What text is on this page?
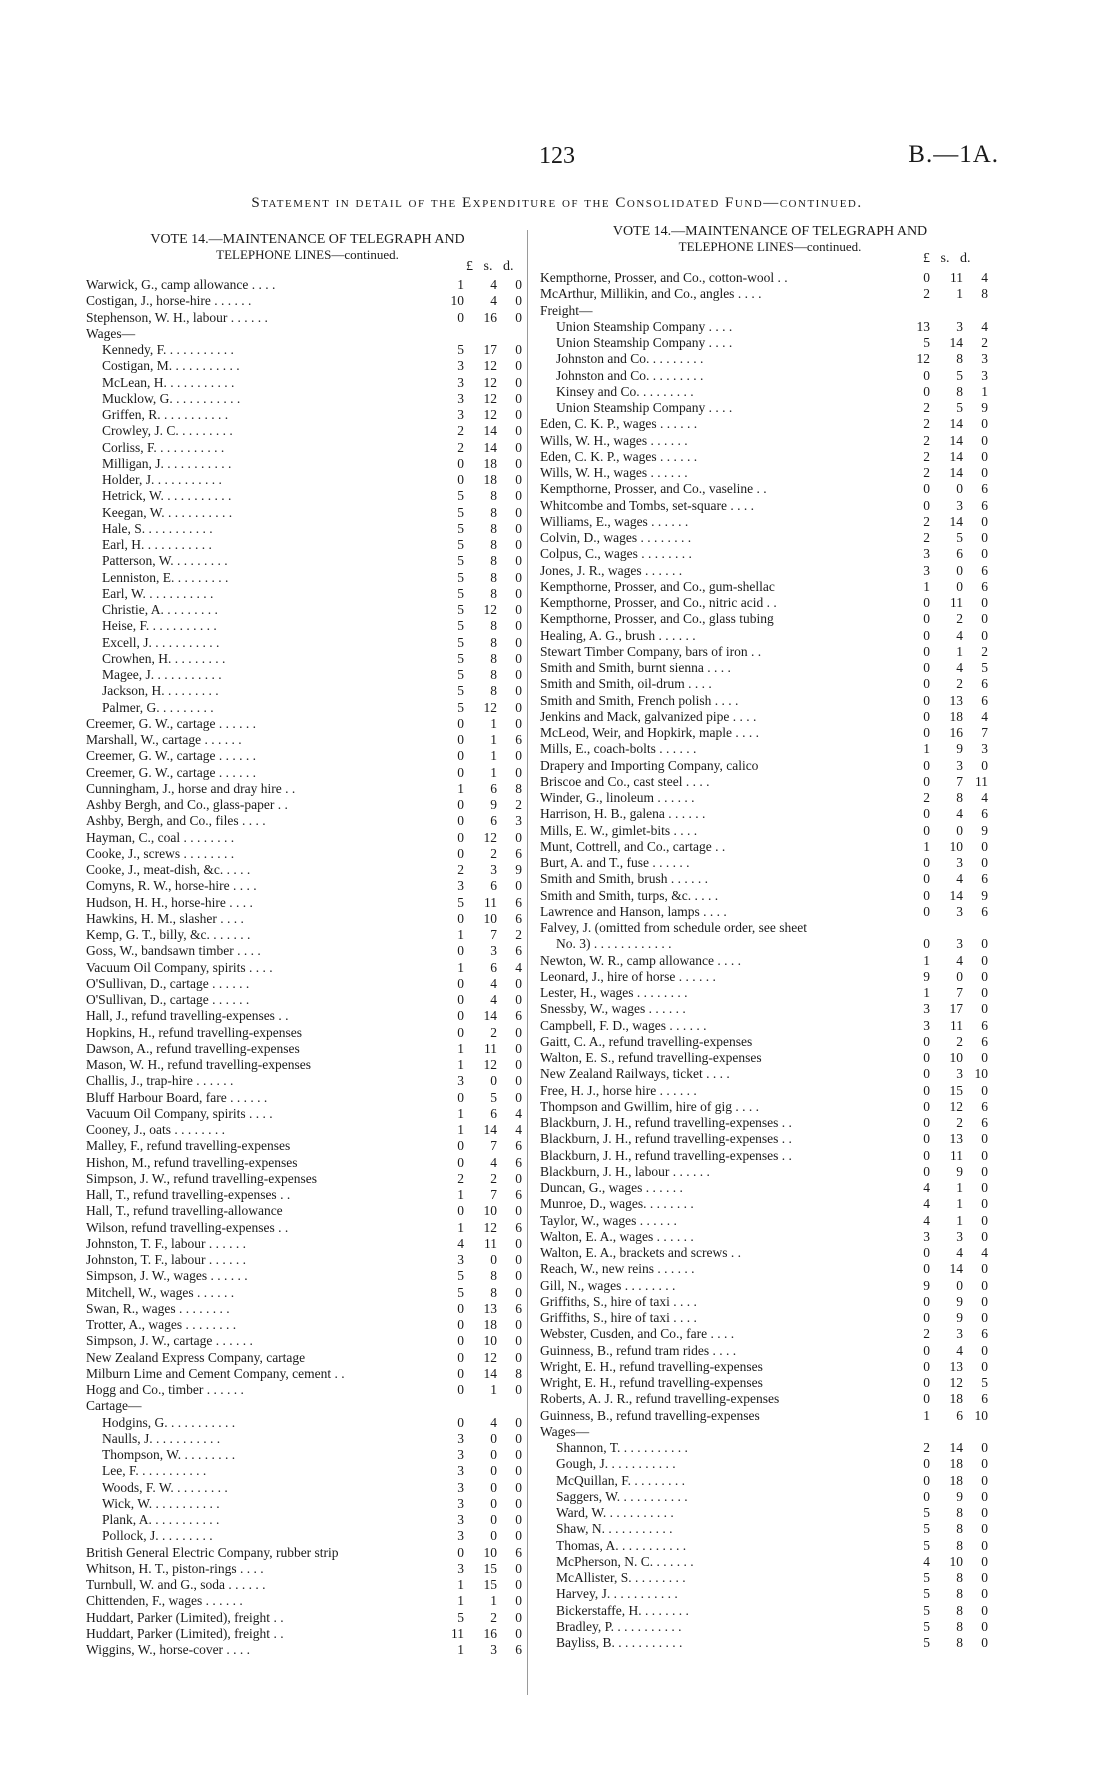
123	B.—1A.
Statement in detail of the Expenditure of the Consolidated Fund—continued.
VOTE 14.—MAINTENANCE OF TELEGRAPH AND
TELEPHONE LINES—continued.
VOTE 14.—MAINTENANCE OF TELEGRAPH AND
TELEPHONE LINES—continued.
£   s.   d.
£   s.   d.
Warwick, G., camp allowance . . . .	1	4	0
Costigan, J., horse-hire . . . . . .	10	4	0
Stephenson, W. H., labour . . . . . .	0	16	0
Wages—
Kennedy, F. . . . . . . . . . .	5	17	0
Costigan, M. . . . . . . . . . .	3	12	0
McLean, H. . . . . . . . . . .	3	12	0
Mucklow, G. . . . . . . . . . .	3	12	0
Griffen, R. . . . . . . . . . .	3	12	0
Crowley, J. C. . . . . . . . .	2	14	0
Corliss, F. . . . . . . . . . .	2	14	0
Milligan, J. . . . . . . . . . .	0	18	0
Holder, J. . . . . . . . . . .	0	18	0
Hetrick, W. . . . . . . . . . .	5	8	0
Keegan, W. . . . . . . . . . .	5	8	0
Hale, S. . . . . . . . . . .	5	8	0
Earl, H. . . . . . . . . . .	5	8	0
Patterson, W. . . . . . . . .	5	8	0
Lenniston, E. . . . . . . . .	5	8	0
Earl, W. . . . . . . . . . .	5	8	0
Christie, A. . . . . . . . .	5	12	0
Heise, F. . . . . . . . . . .	5	8	0
Excell, J. . . . . . . . . . .	5	8	0
Crowhen, H. . . . . . . . .	5	8	0
Magee, J. . . . . . . . . . .	5	8	0
Jackson, H. . . . . . . . .	5	8	0
Palmer, G. . . . . . . . .	5	12	0
Creemer, G. W., cartage . . . . . .	0	1	0
Marshall, W., cartage . . . . . .	0	1	6
Creemer, G. W., cartage . . . . . .	0	1	0
Creemer, G. W., cartage . . . . . .	0	1	0
Cunningham, J., horse and dray hire . .	1	6	8
Ashby Bergh, and Co., glass-paper . .	0	9	2
Ashby, Bergh, and Co., files . . . .	0	6	3
Hayman, C., coal . . . . . . . .	0	12	0
Cooke, J., screws . . . . . . . .	0	2	6
Cooke, J., meat-dish, &c. . . . .	2	3	9
Comyns, R. W., horse-hire . . . .	3	6	0
Hudson, H. H., horse-hire . . . .	5	11	6
Hawkins, H. M., slasher . . . .	0	10	6
Kemp, G. T., billy, &c. . . . . . .	1	7	2
Goss, W., bandsawn timber . . . .	0	3	6
Vacuum Oil Company, spirits . . . .	1	6	4
O'Sullivan, D., cartage . . . . . .	0	4	0
O'Sullivan, D., cartage . . . . . .	0	4	0
Hall, J., refund travelling-expenses . .	0	14	6
Hopkins, H., refund travelling-expenses	0	2	0
Dawson, A., refund travelling-expenses	1	11	0
Mason, W. H., refund travelling-expenses	1	12	0
Challis, J., trap-hire . . . . . .	3	0	0
Bluff Harbour Board, fare . . . . . .	0	5	0
Vacuum Oil Company, spirits . . . .	1	6	4
Cooney, J., oats . . . . . . . .	1	14	4
Malley, F., refund travelling-expenses	0	7	6
Hishon, M., refund travelling-expenses	0	4	6
Simpson, J. W., refund travelling-expenses	2	2	0
Hall, T., refund travelling-expenses . .	1	7	6
Hall, T., refund travelling-allowance	0	10	0
Wilson, refund travelling-expenses . .	1	12	6
Johnston, T. F., labour . . . . . .	4	11	0
Johnston, T. F., labour . . . . . .	3	0	0
Simpson, J. W., wages . . . . . .	5	8	0
Mitchell, W., wages . . . . . .	5	8	0
Swan, R., wages . . . . . . . .	0	13	6
Trotter, A., wages . . . . . . . .	0	18	0
Simpson, J. W., cartage . . . . . .	0	10	0
New Zealand Express Company, cartage	0	12	0
Milburn Lime and Cement Company, cement . .	0	14	8
Hogg and Co., timber . . . . . .	0	1	0
Cartage—
Hodgins, G. . . . . . . . . . .	0	4	0
Naulls, J. . . . . . . . . . .	3	0	0
Thompson, W. . . . . . . . .	3	0	0
Lee, F. . . . . . . . . . .	3	0	0
Woods, F. W. . . . . . . . .	3	0	0
Wick, W. . . . . . . . . . .	3	0	0
Plank, A. . . . . . . . . . .	3	0	0
Pollock, J. . . . . . . . .	3	0	0
British General Electric Company, rubber strip	0	10	6
Whitson, H. T., piston-rings . . . .	3	15	0
Turnbull, W. and G., soda . . . . . .	1	15	0
Chittenden, F., wages . . . . . .	1	1	0
Huddart, Parker (Limited), freight . .	5	2	0
Huddart, Parker (Limited), freight . .	11	16	0
Wiggins, W., horse-cover . . . .	1	3	6
Kempthorne, Prosser, and Co., cotton-wool . .	0	11	4
McArthur, Millikin, and Co., angles . . . .	2	1	8
Freight—
Union Steamship Company . . . .	13	3	4
Union Steamship Company . . . .	5	14	2
Johnston and Co. . . . . . . . .	12	8	3
Johnston and Co. . . . . . . . .	0	5	3
Kinsey and Co. . . . . . . . .	0	8	1
Union Steamship Company . . . .	2	5	9
Eden, C. K. P., wages . . . . . .	2	14	0
Wills, W. H., wages . . . . . .	2	14	0
Eden, C. K. P., wages . . . . . .	2	14	0
Wills, W. H., wages . . . . . .	2	14	0
Kempthorne, Prosser, and Co., vaseline . .	0	0	6
Whitcombe and Tombs, set-square . . . .	0	3	6
Williams, E., wages . . . . . .	2	14	0
Colvin, D., wages . . . . . . . .	2	5	0
Colpus, C., wages . . . . . . . .	3	6	0
Jones, J. R., wages . . . . . .	3	0	6
Kempthorne, Prosser, and Co., gum-shellac	1	0	6
Kempthorne, Prosser, and Co., nitric acid . .	0	11	0
Kempthorne, Prosser, and Co., glass tubing	0	2	0
Healing, A. G., brush . . . . . .	0	4	0
Stewart Timber Company, bars of iron . .	0	1	2
Smith and Smith, burnt sienna . . . .	0	4	5
Smith and Smith, oil-drum . . . .	0	2	6
Smith and Smith, French polish . . . .	0	13	6
Jenkins and Mack, galvanized pipe . . . .	0	18	4
McLeod, Weir, and Hopkirk, maple . . . .	0	16	7
Mills, E., coach-bolts . . . . . .	1	9	3
Drapery and Importing Company, calico	0	3	0
Briscoe and Co., cast steel . . . .	0	7 11
Winder, G., linoleum . . . . . .	2	8	4
Harrison, H. B., galena . . . . . .	0	4	6
Mills, E. W., gimlet-bits . . . .	0	0	9
Munt, Cottrell, and Co., cartage . .	1	10	0
Burt, A. and T., fuse . . . . . .	0	3	0
Smith and Smith, brush . . . . . .	0	4	6
Smith and Smith, turps, &c. . . . .	0	14	9
Lawrence and Hanson, lamps . . . .	0	3	6
Falvey, J. (omitted from schedule order, see sheet
No. 3) . . . . . . . . . . . .	0	3	0
Newton, W. R., camp allowance . . . .	1	4	0
Leonard, J., hire of horse . . . . . .	9	0	0
Lester, H., wages . . . . . . . .	1	7	0
Snessby, W., wages . . . . . .	3	17	0
Campbell, F. D., wages . . . . . .	3	11	6
Gaitt, C. A., refund travelling-expenses	0	2	6
Walton, E. S., refund travelling-expenses	0	10	0
New Zealand Railways, ticket . . . .	0	3 10
Free, H. J., horse hire . . . . . .	0	15	0
Thompson and Gwillim, hire of gig . . . .	0	12	6
Blackburn, J. H., refund travelling-expenses . .	0	2	6
Blackburn, J. H., refund travelling-expenses . .	0	13	0
Blackburn, J. H., refund travelling-expenses . .	0	11	0
Blackburn, J. H., labour . . . . . .	0	9	0
Duncan, G., wages . . . . . .	4	1	0
Munroe, D., wages. . . . . . . .	4	1	0
Taylor, W., wages . . . . . .	4	1	0
Walton, E. A., wages . . . . . .	3	3	0
Walton, E. A., brackets and screws . .	0	4	4
Reach, W., new reins . . . . . .	0	14	0
Gill, N., wages . . . . . . . .	9	0	0
Griffiths, S., hire of taxi . . . .	0	9	0
Griffiths, S., hire of taxi . . . .	0	9	0
Webster, Cusden, and Co., fare . . . .	2	3	6
Guinness, B., refund tram rides . . . .	0	4	0
Wright, E. H., refund travelling-expenses	0	13	0
Wright, E. H., refund travelling-expenses	0	12	5
Roberts, A. J. R., refund travelling-expenses	0	18	6
Guinness, B., refund travelling-expenses	1	6 10
Wages—
Shannon, T. . . . . . . . . . .	2	14	0
Gough, J. . . . . . . . . . .	0	18	0
McQuillan, F. . . . . . . . .	0	18	0
Saggers, W. . . . . . . . . . .	0	9	0
Ward, W. . . . . . . . . . .	5	8	0
Shaw, N. . . . . . . . . . .	5	8	0
Thomas, A. . . . . . . . . . .	5	8	0
McPherson, N. C. . . . . . .	4	10	0
McAllister, S. . . . . . . . .	5	8	0
Harvey, J. . . . . . . . . . .	5	8	0
Bickerstaffe, H. . . . . . . .	5	8	0
Bradley, P. . . . . . . . . . .	5	8	0
Bayliss, B. . . . . . . . . . .	5	8	0
